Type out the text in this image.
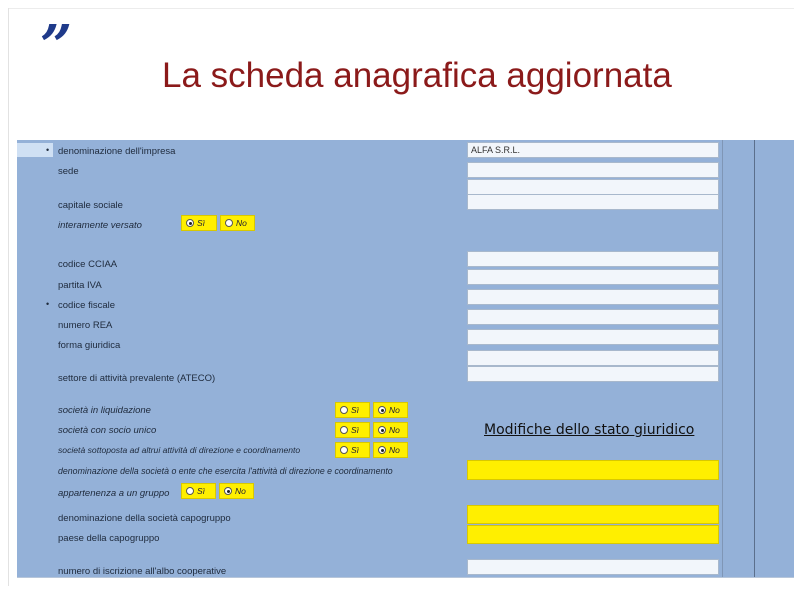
”	La scheda anagrafica aggiornata
• denominazione dell'impresa	ALFA S.R.L.
sede
capitale sociale
interamente versato	Sì	No
codice CCIAA
partita IVA
• codice fiscale
numero REA
forma giuridica
settore di attività prevalente (ATECO)
società in liquidazione	Sì	No
società con socio unico	Sì	No
società sottoposta ad altrui attività di direzione e coordinamento	Sì	No
denominazione della società o ente che esercita l'attività di direzione e coordinamento
appartenenza a un gruppo	Sì	No
denominazione della società capogruppo
paese della capogruppo
numero di iscrizione all'albo cooperative
Modifiche dello stato giuridico
